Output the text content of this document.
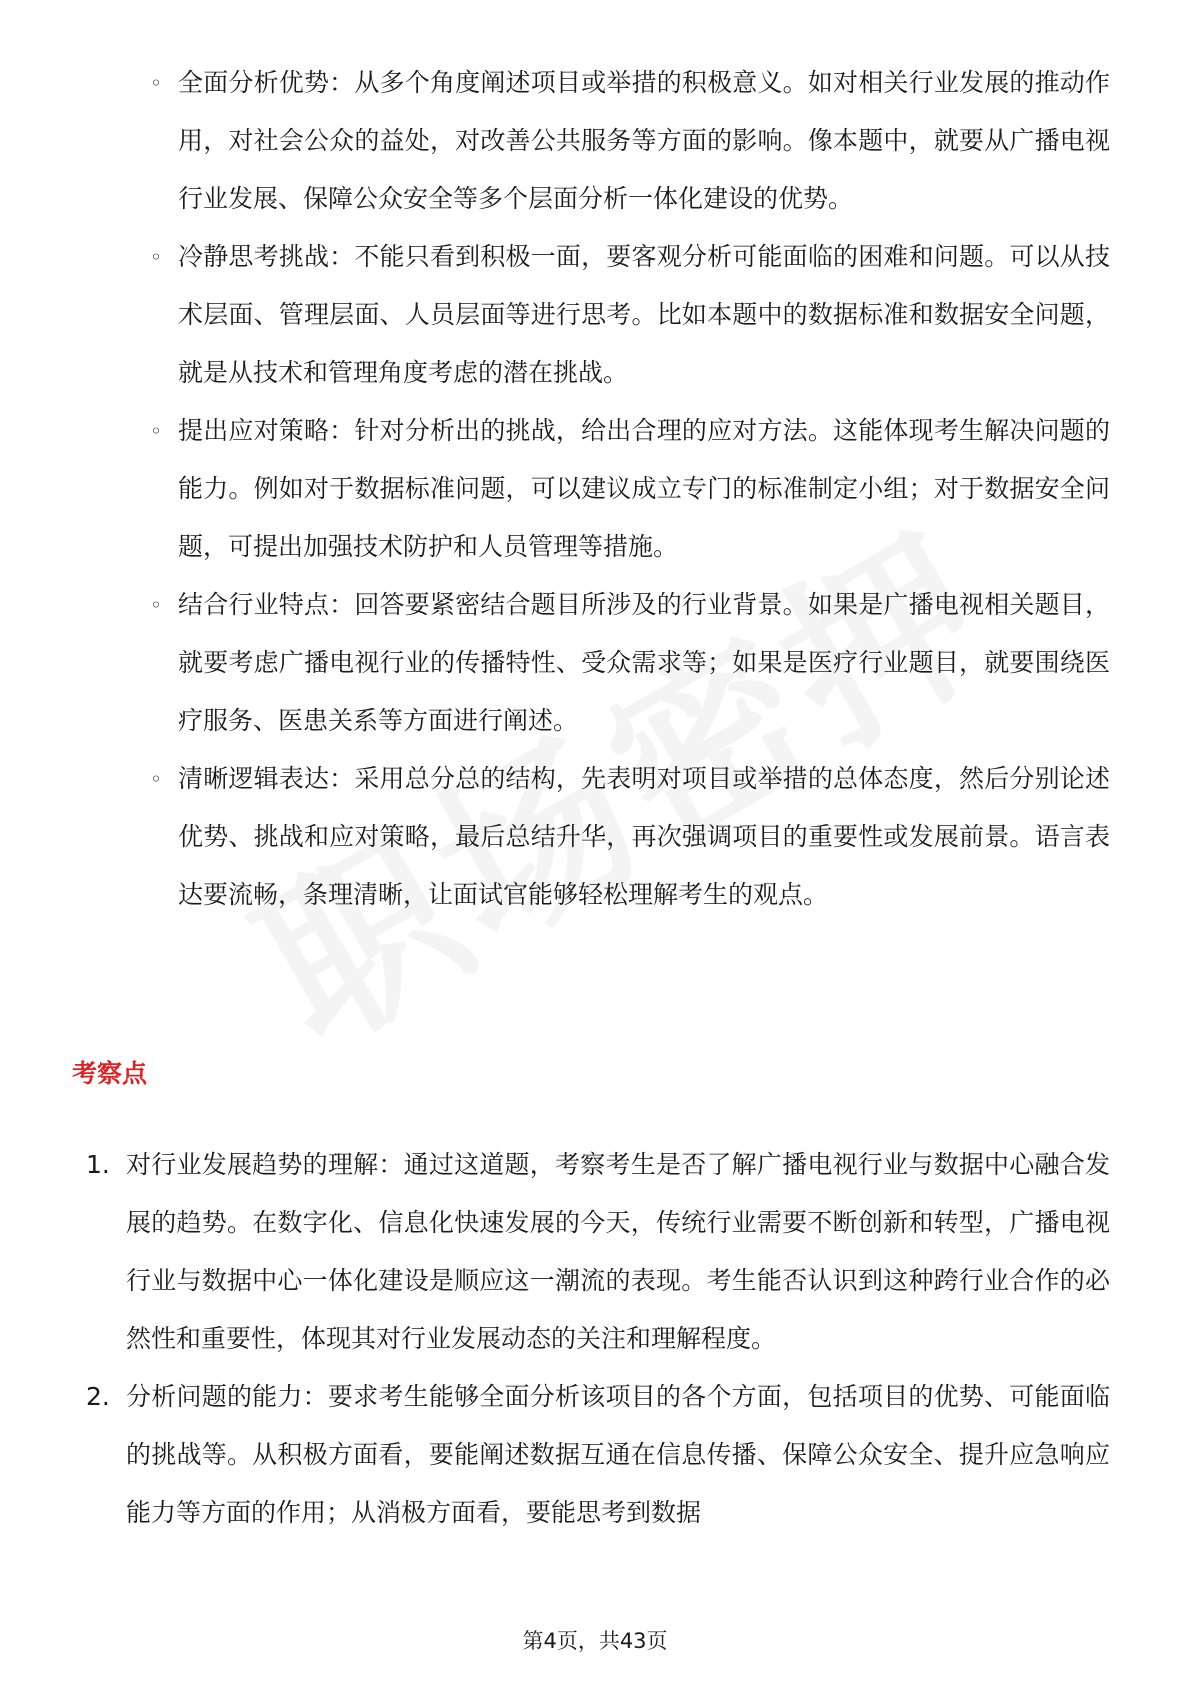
◦ 全面分析优势：从多个角度阐述项目或举措的积极意义。如对相关行业发展的推动作用，对社会公众的益处，对改善公共服务等方面的影响。像本题中，就要从广播电视行业发展、保障公众安全等多个层面分析一体化建设的优势。
◦ 冷静思考挑战：不能只看到积极一面，要客观分析可能面临的困难和问题。可以从技术层面、管理层面、人员层面等进行思考。比如本题中的数据标准和数据安全问题，就是从技术和管理角度考虑的潜在挑战。
◦ 提出应对策略：针对分析出的挑战，给出合理的应对方法。这能体现考生解决问题的能力。例如对于数据标准问题，可以建议成立专门的标准制定小组；对于数据安全问题，可提出加强技术防护和人员管理等措施。
◦ 结合行业特点：回答要紧密结合题目所涉及的行业背景。如果是广播电视相关题目，就要考虑广播电视行业的传播特性、受众需求等；如果是医疗行业题目，就要围绕医疗服务、医患关系等方面进行阐述。
◦ 清晰逻辑表达：采用总分总的结构，先表明对项目或举措的总体态度，然后分别论述优势、挑战和应对策略，最后总结升华，再次强调项目的重要性或发展前景。语言表达要流畅，条理清晰，让面试官能够轻松理解考生的观点。
考察点
1. 对行业发展趋势的理解：通过这道题，考察考生是否了解广播电视行业与数据中心融合发展的趋势。在数字化、信息化快速发展的今天，传统行业需要不断创新和转型，广播电视行业与数据中心一体化建设是顺应这一潮流的表现。考生能否认识到这种跨行业合作的必然性和重要性，体现其对行业发展动态的关注和理解程度。
2. 分析问题的能力：要求考生能够全面分析该项目的各个方面，包括项目的优势、可能面临的挑战等。从积极方面看，要能阐述数据互通在信息传播、保障公众安全、提升应急响应能力等方面的作用；从消极方面看，要能思考到数据
第4页，共43页
